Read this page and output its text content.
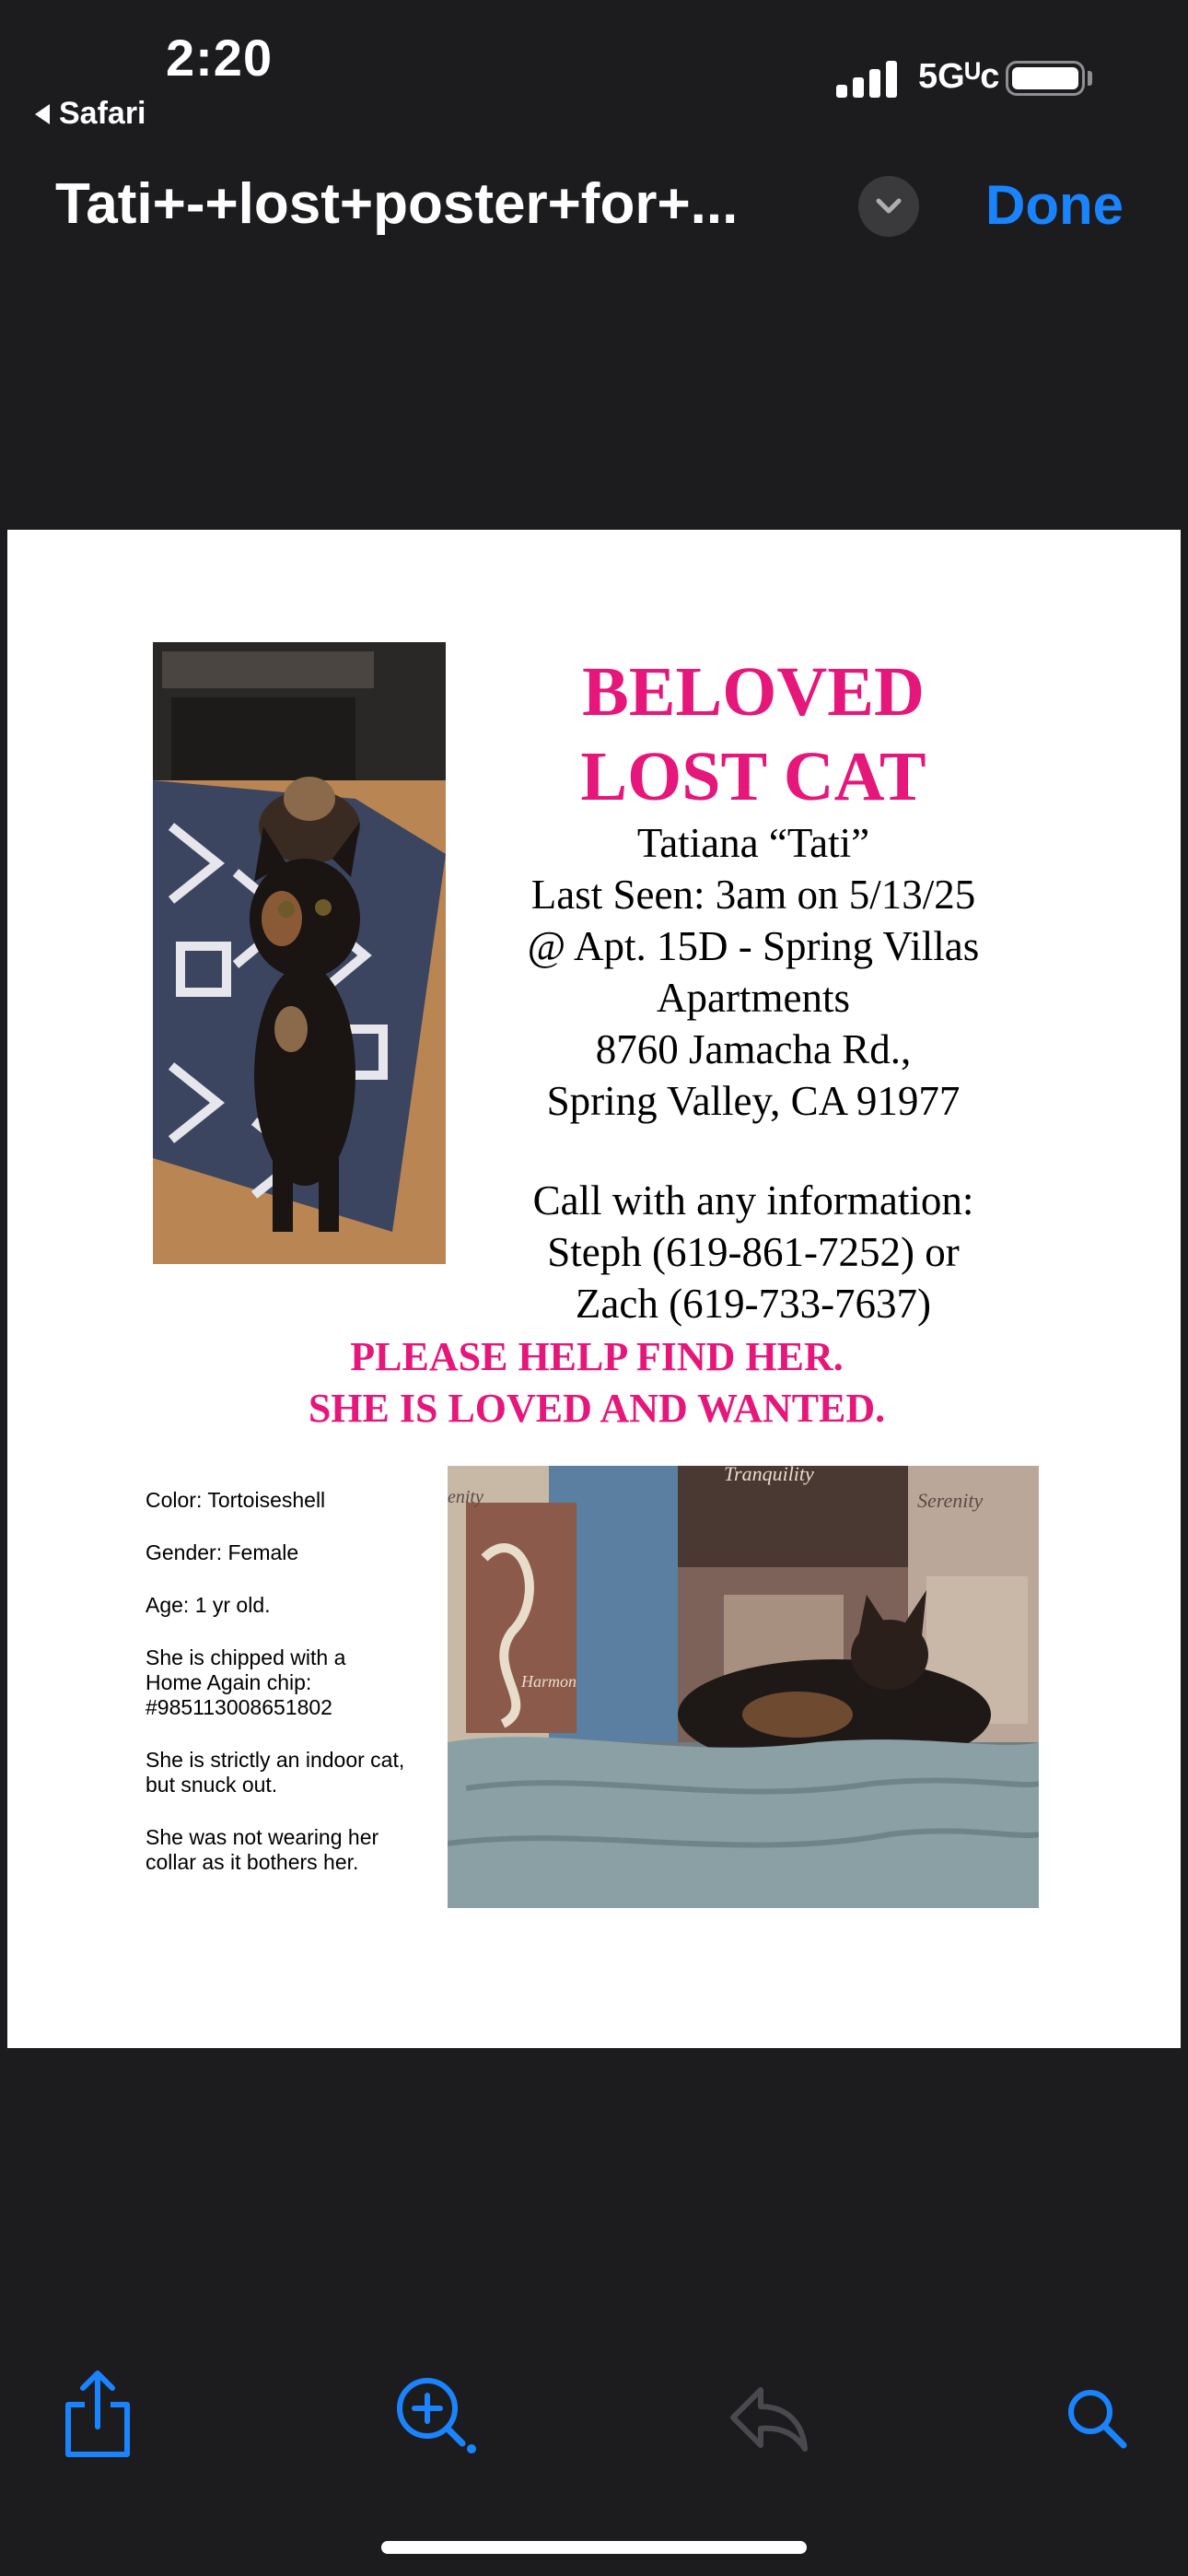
2:20
Safari
5Gᵁc
Tati+-+lost+poster+for+...	Done
BELOVED
LOST CAT
Tatiana “Tati”
Last Seen: 3am on 5/13/25
@ Apt. 15D - Spring Villas
Apartments
8760 Jamacha Rd.,
Spring Valley, CA 91977
Call with any information:
Steph (619-861-7252) or
Zach (619-733-7637)
PLEASE HELP FIND HER.
SHE IS LOVED AND WANTED.
Color: Tortoiseshell
Gender: Female
Age: 1 yr old.
She is chipped with a
Home Again chip:
#985113008651802
She is strictly an indoor cat,
but snuck out.
She was not wearing her
collar as it bothers her.
Tranquility
Serenity
enity
Harmon
